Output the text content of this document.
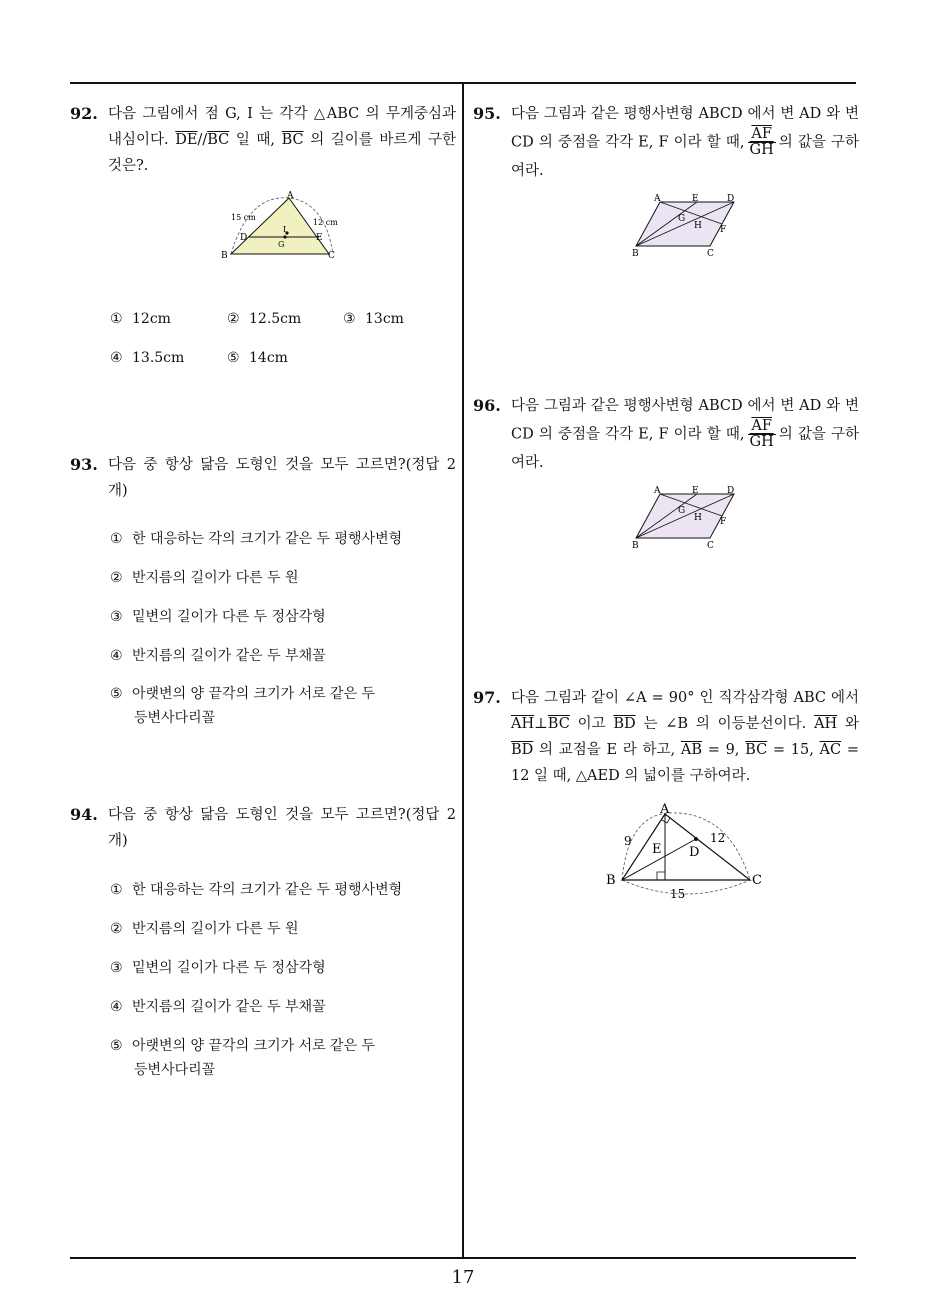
17
92. 다음 그림에서 점 G, I 는 각각 △ABC 의 무게중심과 내심이다. $\overline{DE}//\overline{BC}$ 일 때, $\overline{BC}$ 의 길이를 바르게 구한 것은?.
A
B	C
D	E
G
I
15 cm
12 cm
① 12cm	② 12.5cm	③ 13cm
④ 13.5cm	⑤ 14cm
93. 다음 중 항상 닮음 도형인 것을 모두 고르면?(정답 2 개)
① 한 대응하는 각의 크기가 같은 두 평행사변형
② 반지름의 길이가 다른 두 원
③ 밑변의 길이가 다른 두 정삼각형
④ 반지름의 길이가 같은 두 부채꼴
⑤ 아랫변의 양 끝각의 크기가 서로 같은 두
등변사다리꼴
94. 다음 중 항상 닮음 도형인 것을 모두 고르면?(정답 2 개)
① 한 대응하는 각의 크기가 같은 두 평행사변형
② 반지름의 길이가 다른 두 원
③ 밑변의 길이가 다른 두 정삼각형
④ 반지름의 길이가 같은 두 부채꼴
⑤ 아랫변의 양 끝각의 크기가 서로 같은 두
등변사다리꼴
95. 다음 그림과 같은 평행사변형 ABCD 에서 변 AD 와 변 CD 의 중점을 각각 E, F 이라 할 때, $\frac{\overline{AF}}{GH}$ 의 값을 구하여라.
A	E	D
G
H F
B	C
96. 다음 그림과 같은 평행사변형 ABCD 에서 변 AD 와 변 CD 의 중점을 각각 E, F 이라 할 때, $\frac{\overline{AF}}{GH}$ 의 값을 구하여라.
A	E	D
G
H F
B	C
97. 다음 그림과 같이 ∠A = 90° 인 직각삼각형 ABC 에서 $\overline{AH}\perp\overline{BC}$ 이고 $\overline{BD}$ 는 ∠B 의 이등분선이다. $\overline{AH}$ 와 $\overline{BD}$ 의 교점을 E 라 하고, $\overline{AB} = 9$, $\overline{BC} = 15$, $\overline{AC} = 12$ 일 때, △AED 의 넓이를 구하여라.
A
B	C
D
E
9	12
15
